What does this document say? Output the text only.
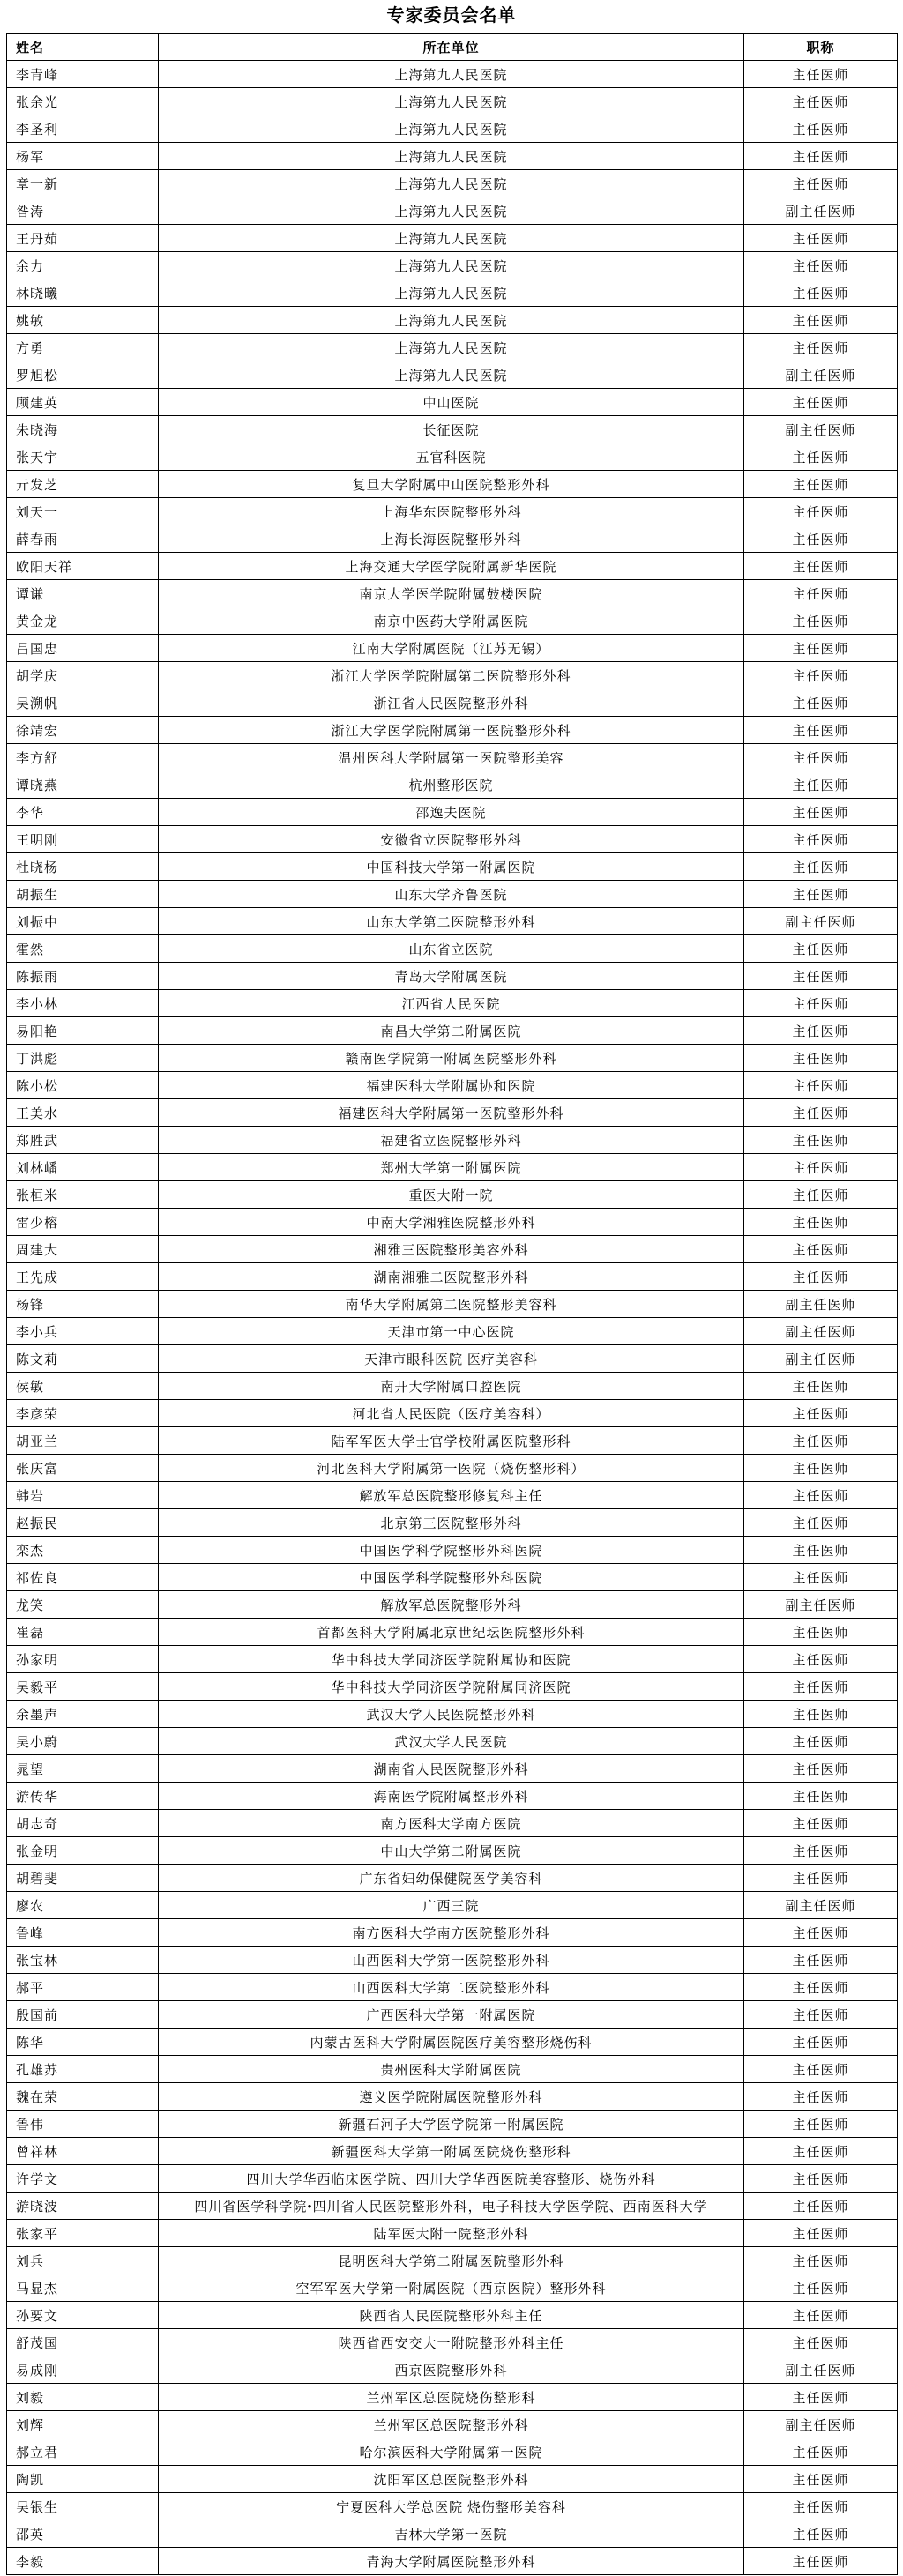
专家委员会名单
姓名	所在单位	职称
李青峰	上海第九人民医院	主任医师
张余光	上海第九人民医院	主任医师
李圣利	上海第九人民医院	主任医师
杨军	上海第九人民医院	主任医师
章一新	上海第九人民医院	主任医师
昝涛	上海第九人民医院	副主任医师
王丹茹	上海第九人民医院	主任医师
余力	上海第九人民医院	主任医师
林晓曦	上海第九人民医院	主任医师
姚敏	上海第九人民医院	主任医师
方勇	上海第九人民医院	主任医师
罗旭松	上海第九人民医院	副主任医师
顾建英	中山医院	主任医师
朱晓海	长征医院	副主任医师
张天宇	五官科医院	主任医师
亓发芝	复旦大学附属中山医院整形外科	主任医师
刘天一	上海华东医院整形外科	主任医师
薛春雨	上海长海医院整形外科	主任医师
欧阳天祥	上海交通大学医学院附属新华医院	主任医师
谭谦	南京大学医学院附属鼓楼医院	主任医师
黄金龙	南京中医药大学附属医院	主任医师
吕国忠	江南大学附属医院（江苏无锡）	主任医师
胡学庆	浙江大学医学院附属第二医院整形外科	主任医师
吴溯帆	浙江省人民医院整形外科	主任医师
徐靖宏	浙江大学医学院附属第一医院整形外科	主任医师
李方舒	温州医科大学附属第一医院整形美容	主任医师
谭晓燕	杭州整形医院	主任医师
李华	邵逸夫医院	主任医师
王明刚	安徽省立医院整形外科	主任医师
杜晓杨	中国科技大学第一附属医院	主任医师
胡振生	山东大学齐鲁医院	主任医师
刘振中	山东大学第二医院整形外科	副主任医师
霍然	山东省立医院	主任医师
陈振雨	青岛大学附属医院	主任医师
李小林	江西省人民医院	主任医师
易阳艳	南昌大学第二附属医院	主任医师
丁洪彪	赣南医学院第一附属医院整形外科	主任医师
陈小松	福建医科大学附属协和医院	主任医师
王美水	福建医科大学附属第一医院整形外科	主任医师
郑胜武	福建省立医院整形外科	主任医师
刘林嶓	郑州大学第一附属医院	主任医师
张桓米	重医大附一院	主任医师
雷少榕	中南大学湘雅医院整形外科	主任医师
周建大	湘雅三医院整形美容外科	主任医师
王先成	湖南湘雅二医院整形外科	主任医师
杨锋	南华大学附属第二医院整形美容科	副主任医师
李小兵	天津市第一中心医院	副主任医师
陈文莉	天津市眼科医院 医疗美容科	副主任医师
侯敏	南开大学附属口腔医院	主任医师
李彦荣	河北省人民医院（医疗美容科）	主任医师
胡亚兰	陆军军医大学士官学校附属医院整形科	主任医师
张庆富	河北医科大学附属第一医院（烧伤整形科）	主任医师
韩岩	解放军总医院整形修复科主任	主任医师
赵振民	北京第三医院整形外科	主任医师
栾杰	中国医学科学院整形外科医院	主任医师
祁佐良	中国医学科学院整形外科医院	主任医师
龙笑	解放军总医院整形外科	副主任医师
崔磊	首都医科大学附属北京世纪坛医院整形外科	主任医师
孙家明	华中科技大学同济医学院附属协和医院	主任医师
吴毅平	华中科技大学同济医学院附属同济医院	主任医师
余墨声	武汉大学人民医院整形外科	主任医师
吴小蔚	武汉大学人民医院	主任医师
晁望	湖南省人民医院整形外科	主任医师
游传华	海南医学院附属整形外科	主任医师
胡志奇	南方医科大学南方医院	主任医师
张金明	中山大学第二附属医院	主任医师
胡碧斐	广东省妇幼保健院医学美容科	主任医师
廖农	广西三院	副主任医师
鲁峰	南方医科大学南方医院整形外科	主任医师
张宝林	山西医科大学第一医院整形外科	主任医师
郝平	山西医科大学第二医院整形外科	主任医师
殷国前	广西医科大学第一附属医院	主任医师
陈华	内蒙古医科大学附属医院医疗美容整形烧伤科	主任医师
孔雄苏	贵州医科大学附属医院	主任医师
魏在荣	遵义医学院附属医院整形外科	主任医师
鲁伟	新疆石河子大学医学院第一附属医院	主任医师
曾祥林	新疆医科大学第一附属医院烧伤整形科	主任医师
许学文	四川大学华西临床医学院、四川大学华西医院美容整形、烧伤外科	主任医师
游晓波	四川省医学科学院•四川省人民医院整形外科，电子科技大学医学院、西南医科大学	主任医师
张家平	陆军医大附一院整形外科	主任医师
刘兵	昆明医科大学第二附属医院整形外科	主任医师
马显杰	空军军医大学第一附属医院（西京医院）整形外科	主任医师
孙要文	陕西省人民医院整形外科主任	主任医师
舒茂国	陕西省西安交大一附院整形外科主任	主任医师
易成刚	西京医院整形外科	副主任医师
刘毅	兰州军区总医院烧伤整形科	主任医师
刘辉	兰州军区总医院整形外科	副主任医师
郝立君	哈尔滨医科大学附属第一医院	主任医师
陶凯	沈阳军区总医院整形外科	主任医师
吴银生	宁夏医科大学总医院 烧伤整形美容科	主任医师
邵英	吉林大学第一医院	主任医师
李毅	青海大学附属医院整形外科	主任医师
